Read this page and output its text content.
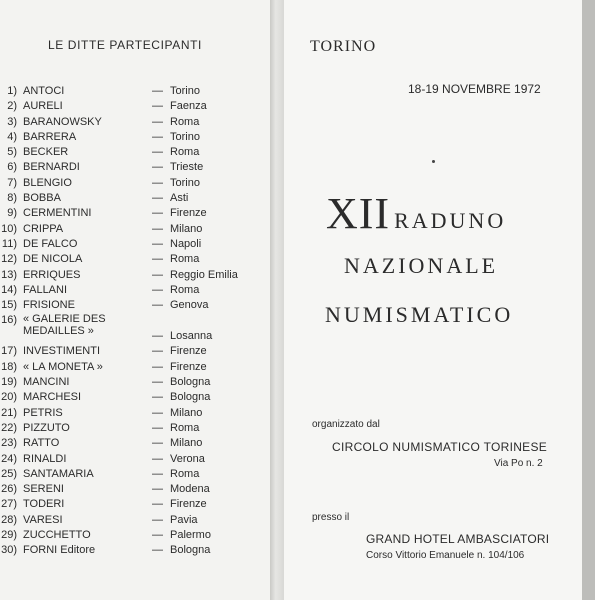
LE DITTE PARTECIPANTI
1) ANTOCI	— Torino
2) AURELI	— Faenza
3) BARANOWSKY	— Roma
4) BARRERA	— Torino
5) BECKER	— Roma
6) BERNARDI	— Trieste
7) BLENGIO	— Torino
8) BOBBA	— Asti
9) CERMENTINI	— Firenze
10) CRIPPA	— Milano
11) DE FALCO	— Napoli
12) DE NICOLA	— Roma
13) ERRIQUES	— Reggio Emilia
14) FALLANI	— Roma
15) FRISIONE	— Genova
16) « GALERIE DES MEDAILLES »	— Losanna
17) INVESTIMENTI	— Firenze
18) « LA MONETA »	— Firenze
19) MANCINI	— Bologna
20) MARCHESI	— Bologna
21) PETRIS	— Milano
22) PIZZUTO	— Roma
23) RATTO	— Milano
24) RINALDI	— Verona
25) SANTAMARIA	— Roma
26) SERENI	— Modena
27) TODERI	— Firenze
28) VARESI	— Pavia
29) ZUCCHETTO	— Palermo
30) FORNI Editore	— Bologna
TORINO
18-19 NOVEMBRE 1972
XII RADUNO
NAZIONALE
NUMISMATICO
organizzato dal
CIRCOLO NUMISMATICO TORINESE
Via Po n. 2
presso il
GRAND HOTEL AMBASCIATORI
Corso Vittorio Emanuele n. 104/106
